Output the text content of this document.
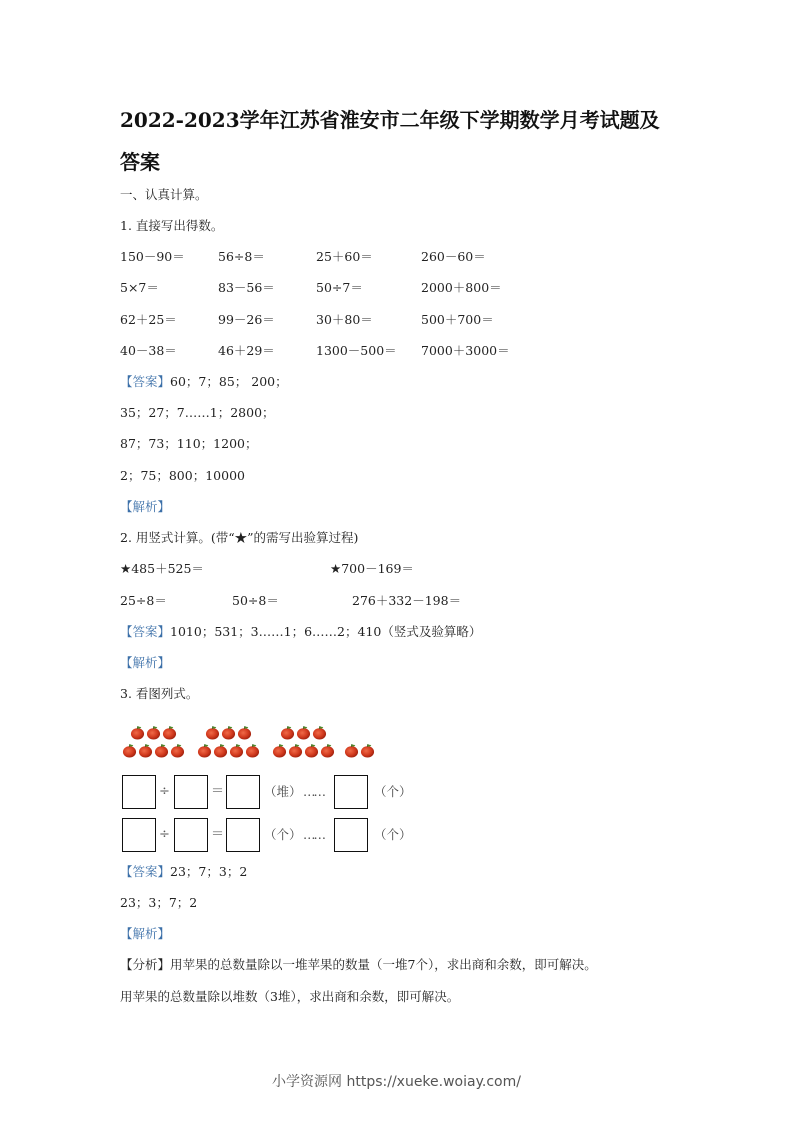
2022-2023学年江苏省淮安市二年级下学期数学月考试题及
答案
一、认真计算。
1. 直接写出得数。
150－90＝	56÷8＝	25＋60＝	260－60＝
5×7＝	83－56＝	50÷7＝	2000＋800＝
62＋25＝	99－26＝	30＋80＝	500＋700＝
40－38＝	46＋29＝	1300－500＝ 7000＋3000＝
【答案】60；7；85； 200；
35；27；7……1；2800；
87；73；110；1200；
2；75；800；10000
【解析】
2. 用竖式计算。(带“★”的需写出验算过程)
★485＋525＝	★700－169＝
25÷8＝	50÷8＝	276＋332－198＝
【答案】1010；531；3……1；6……2；410（竖式及验算略）
【解析】
3. 看图列式。
÷	＝	（堆） ……	（个）
÷	＝	（个） ……	（个）
【答案】23；7；3；2
23；3；7；2
【解析】
【分析】用苹果的总数量除以一堆苹果的数量（一堆7个），求出商和余数，即可解决。
用苹果的总数量除以堆数（3堆），求出商和余数，即可解决。
小学资源网 https://xueke.woiay.com/
